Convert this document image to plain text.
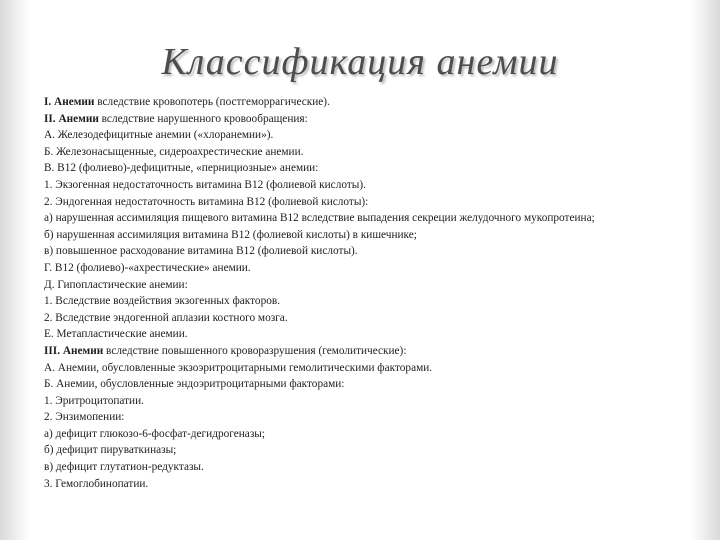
Классификация анемии
I. Анемии вследствие кровопотерь (постгеморрагические).
II. Анемии вследствие нарушенного кровообращения:
А. Железодефицитные анемии («хлоранемии»).
Б. Железонасыщенные, сидероахрестические анемии.
В. В12 (фолиево)-дефицитные, «пернициозные» анемии:
1. Экзогенная недостаточность витамина В12 (фолиевой кислоты).
2. Эндогенная недостаточность витамина В12 (фолиевой кислоты):
а) нарушенная ассимиляция пищевого витамина В12 вследствие выпадения секреции желудочного мукопротеина;
б) нарушенная ассимиляция витамина В12 (фолиевой кислоты) в кишечнике;
в) повышенное расходование витамина В12 (фолиевой кислоты).
Г. В12 (фолиево)-«ахрестические» анемии.
Д. Гипопластические анемии:
1. Вследствие воздействия экзогенных факторов.
2. Вследствие эндогенной аплазии костного мозга.
Е. Метапластические анемии.
III. Анемии вследствие повышенного кроворазрушения (гемолитические):
А. Анемии, обусловленные экзоэритроцитарными гемолитическими факторами.
Б. Анемии, обусловленные эндоэритроцитарными факторами:
1. Эритроцитопатии.
2. Энзимопении:
а) дефицит глюкозо-6-фосфат-дегидрогеназы;
б) дефицит пируваткиназы;
в) дефицит глутатион-редуктазы.
3. Гемоглобинопатии.
